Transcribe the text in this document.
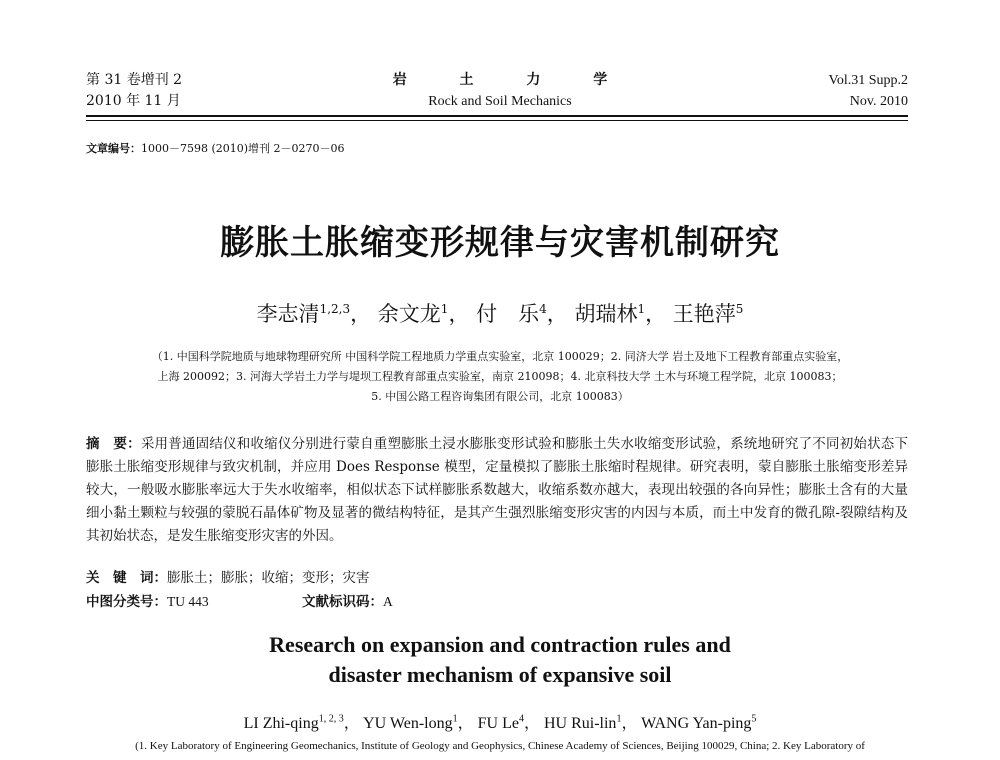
第 31 卷增刊 2
2010 年 11 月
岩 土 力 学
Rock and Soil Mechanics
Vol.31 Supp.2
Nov. 2010
文章编号：1000－7598 (2010)增刊 2－0270－06
膨胀土胀缩变形规律与灾害机制研究
李志清$^{1,2,3}$， 余文龙$^1$， 付　乐$^4$， 胡瑞林$^1$， 王艳萍$^5$
（1. 中国科学院地质与地球物理研究所 中国科学院工程地质力学重点实验室，北京 100029；2. 同济大学 岩土及地下工程教育部重点实验室，
上海 200092；3. 河海大学岩土力学与堤坝工程教育部重点实验室，南京 210098；4. 北京科技大学 土木与环境工程学院，北京 100083；
5. 中国公路工程咨询集团有限公司，北京 100083）
摘　要：采用普通固结仪和收缩仪分别进行蒙自重塑膨胀土浸水膨胀变形试验和膨胀土失水收缩变形试验，系统地研究了不同初始状态下膨胀土胀缩变形规律与致灾机制，并应用 Does Response 模型，定量模拟了膨胀土胀缩时程规律。研究表明，蒙自膨胀土胀缩变形差异较大，一般吸水膨胀率远大于失水收缩率，相似状态下试样膨胀系数越大，收缩系数亦越大，表现出较强的各向异性；膨胀土含有的大量细小黏土颗粒与较强的蒙脱石晶体矿物及显著的微结构特征，是其产生强烈胀缩变形灾害的内因与本质，而土中发育的微孔隙-裂隙结构及其初始状态，是发生胀缩变形灾害的外因。
关　键　词：膨胀土；膨胀；收缩；变形；灾害
中图分类号：TU 443	文献标识码：A
Research on expansion and contraction rules and
disaster mechanism of expansive soil
LI Zhi-qing$^{1, 2, 3}$， YU Wen-long$^1$， FU Le$^4$， HU Rui-lin$^1$， WANG Yan-ping$^5$
(1. Key Laboratory of Engineering Geomechanics, Institute of Geology and Geophysics, Chinese Academy of Sciences, Beijing 100029, China; 2. Key Laboratory of
